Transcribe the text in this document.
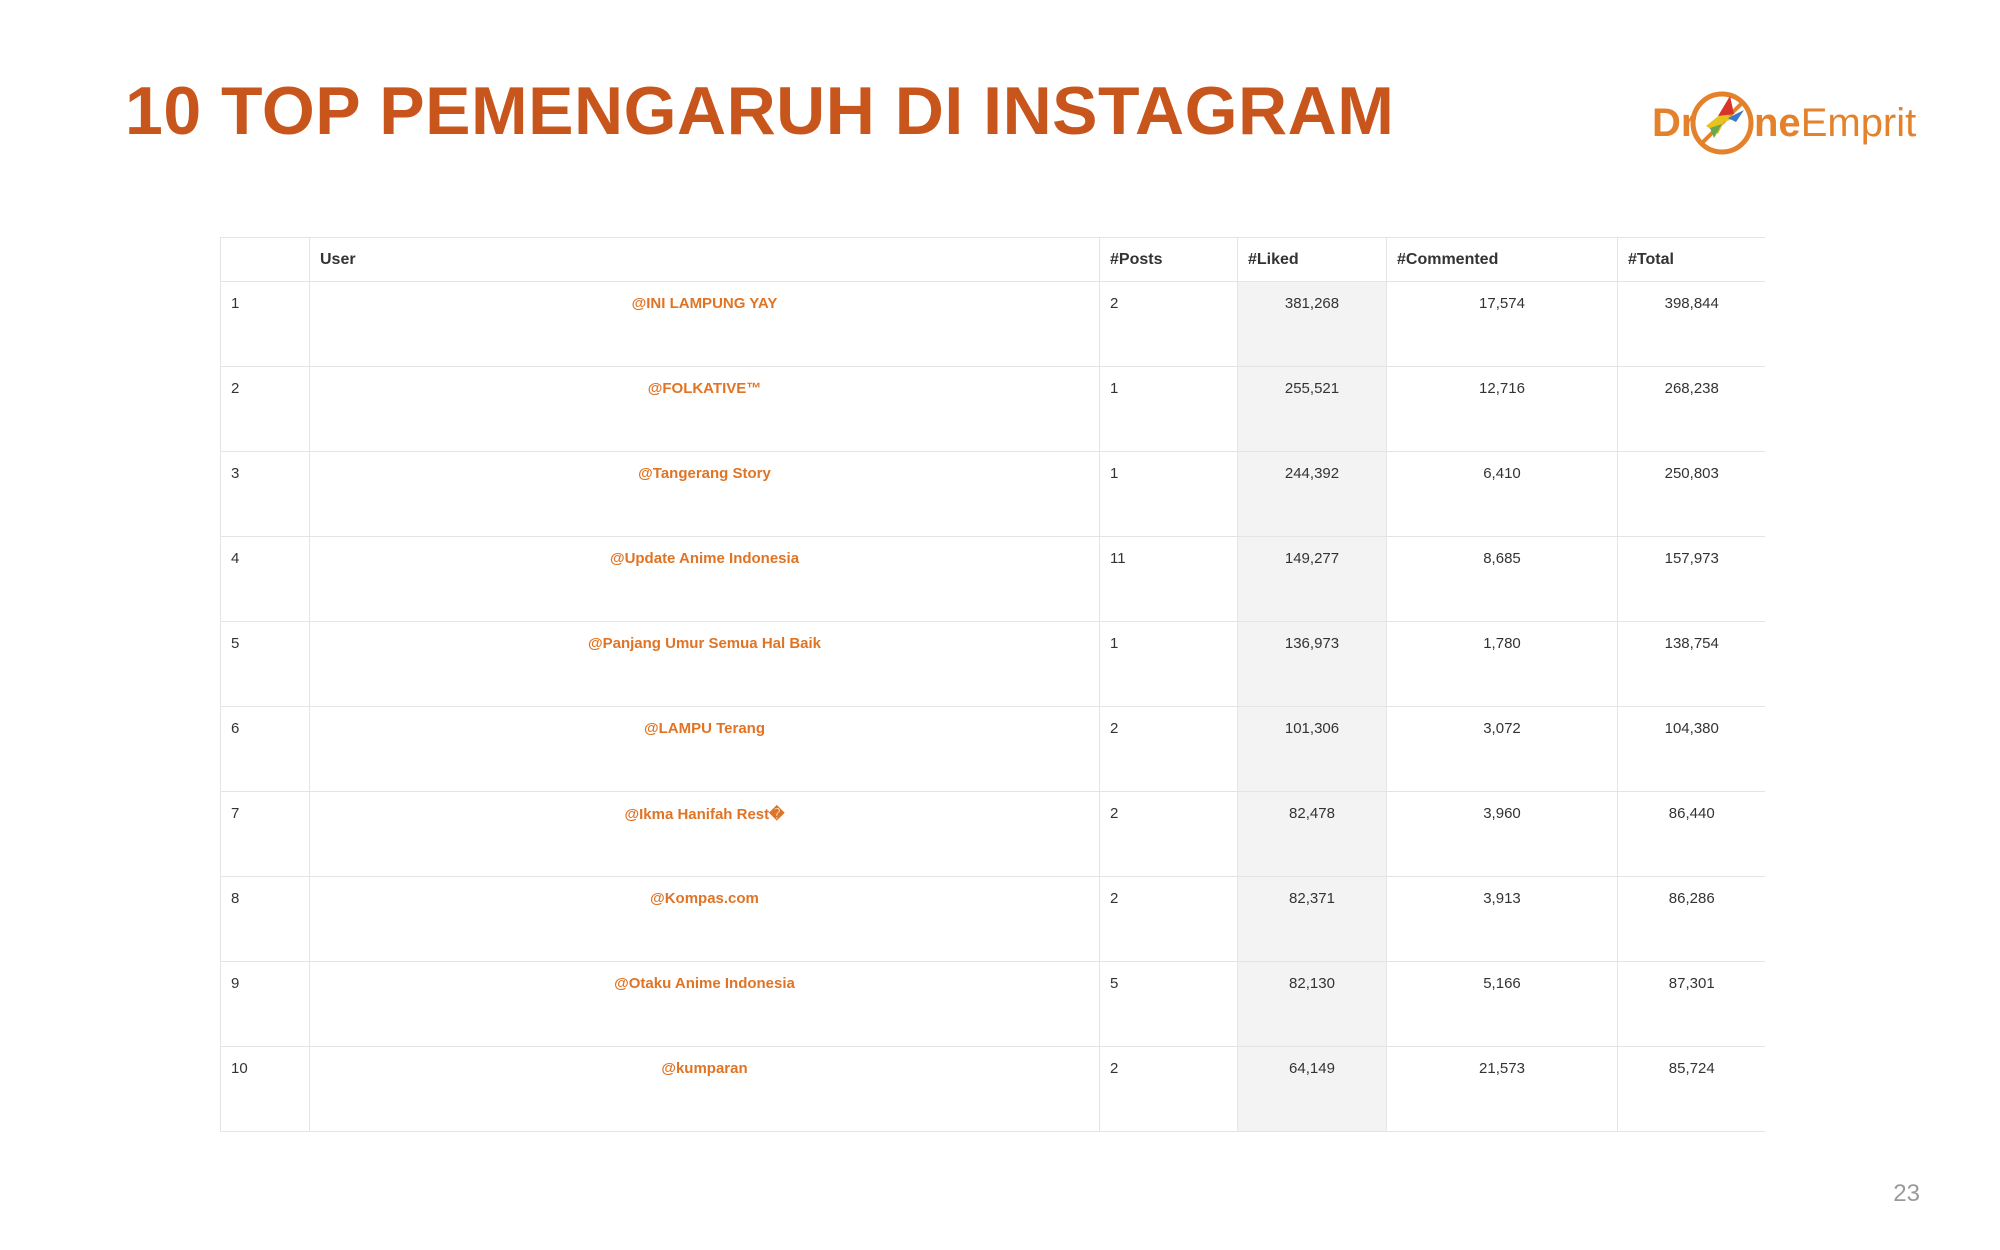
10 TOP PEMENGARUH DI INSTAGRAM	Dr neEmprit
	User	#Posts	#Liked	#Commented	#Total
1	@INI LAMPUNG YAY	2	381,268	17,574	398,844
2	@FOLKATIVE™	1	255,521	12,716	268,238
3	@Tangerang Story	1	244,392	6,410	250,803
4	@Update Anime Indonesia	11	149,277	8,685	157,973
5	@Panjang Umur Semua Hal Baik	1	136,973	1,780	138,754
6	@LAMPU Terang	2	101,306	3,072	104,380
7	@Ikma Hanifah Rest�	2	82,478	3,960	86,440
8	@Kompas.com	2	82,371	3,913	86,286
9	@Otaku Anime Indonesia	5	82,130	5,166	87,301
10	@kumparan	2	64,149	21,573	85,724
23
